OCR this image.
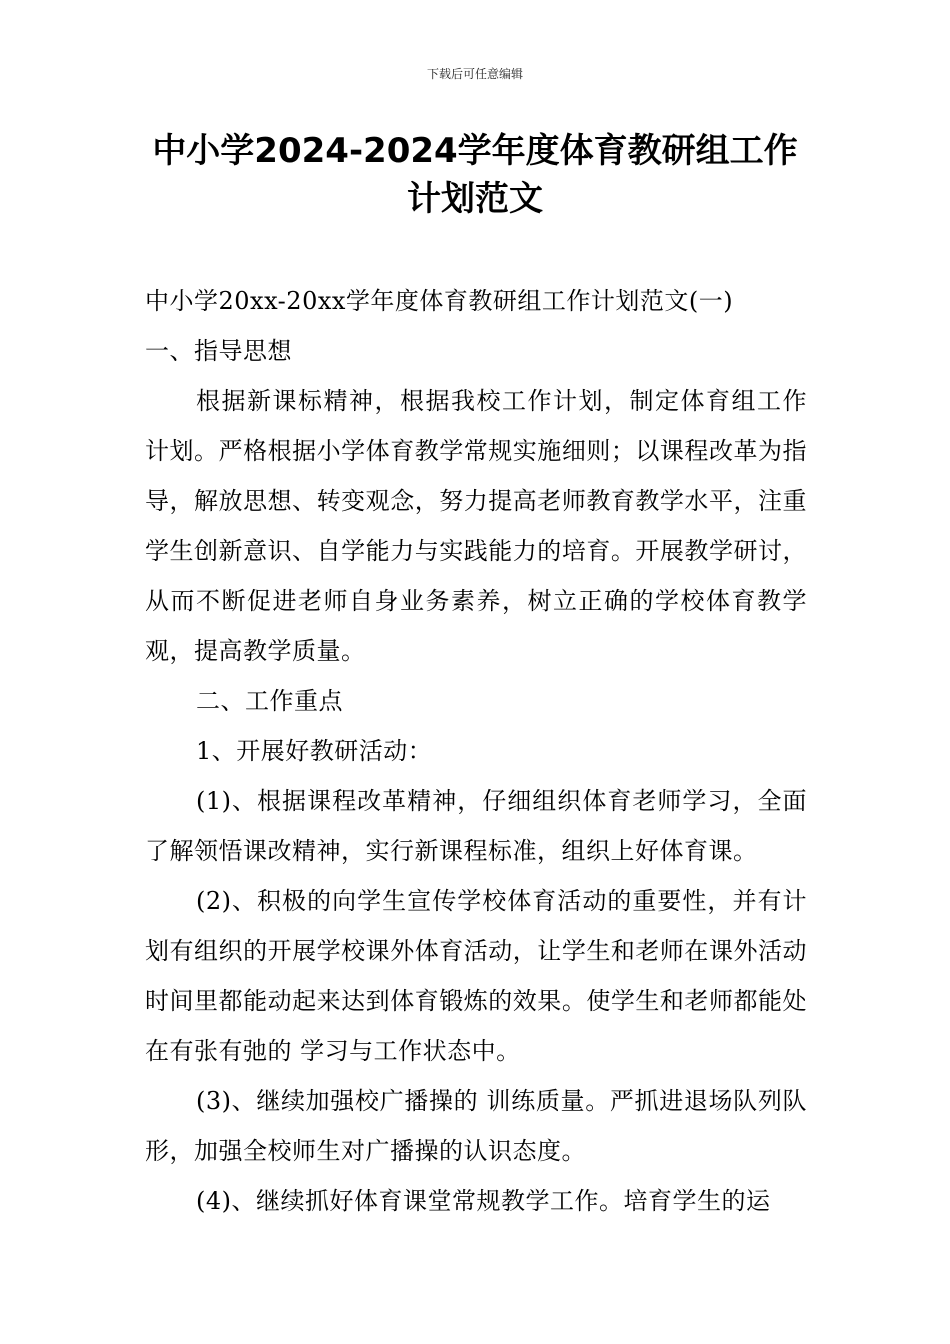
下载后可任意编辑
中小学2024-2024学年度体育教研组工作
计划范文

中小学20xx-20xx学年度体育教研组工作计划范文(一)

一、指导思想

根据新课标精神，根据我校工作计划，制定体育组工作计划。严格根据小学体育教学常规实施细则；以课程改革为指导，解放思想、转变观念，努力提高老师教育教学水平，注重学生创新意识、自学能力与实践能力的培育。开展教学研讨，从而不断促进老师自身业务素养，树立正确的学校体育教学观，提高教学质量。

二、工作重点

1、开展好教研活动：

(1)、根据课程改革精神，仔细组织体育老师学习，全面了解领悟课改精神，实行新课程标准，组织上好体育课。

(2)、积极的向学生宣传学校体育活动的重要性，并有计划有组织的开展学校课外体育活动，让学生和老师在课外活动时间里都能动起来达到体育锻炼的效果。使学生和老师都能处在有张有弛的 学习与工作状态中。

(3)、继续加强校广播操的 训练质量。严抓进退场队列队形，加强全校师生对广播操的认识态度。

(4)、继续抓好体育课堂常规教学工作。培育学生的运
